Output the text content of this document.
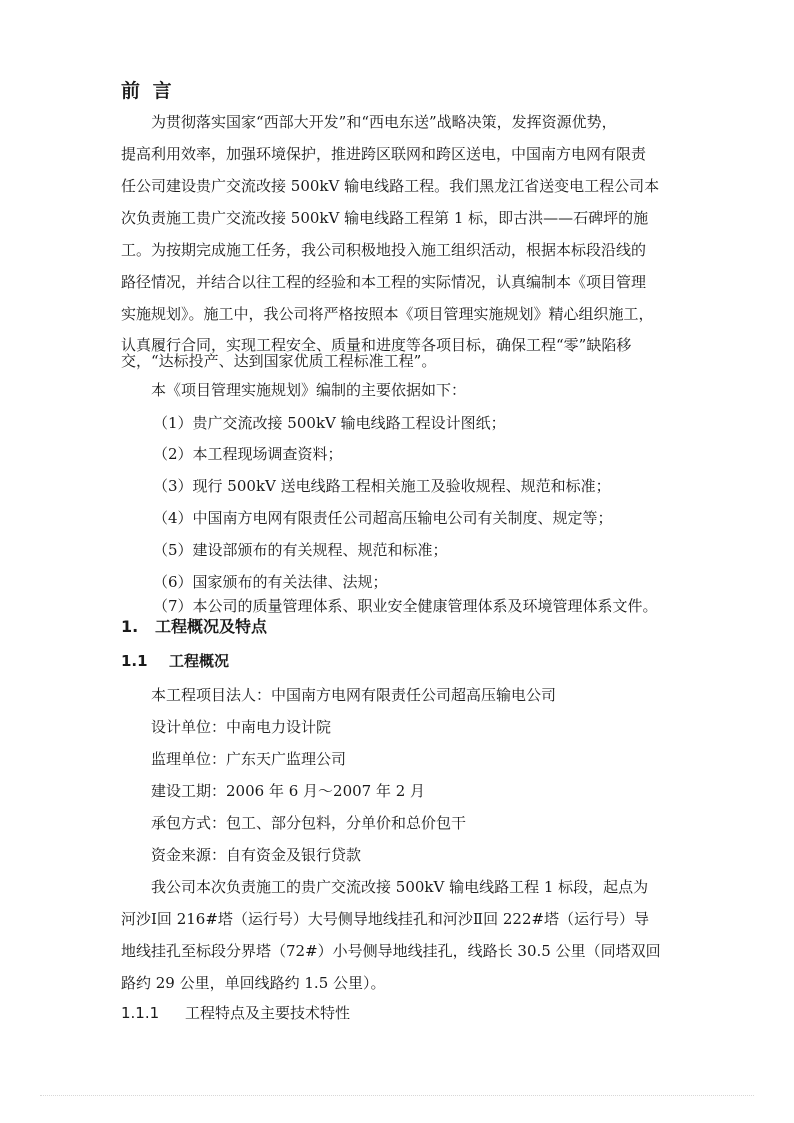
前 言

为贯彻落实国家“西部大开发”和“西电东送”战略决策，发挥资源优势，

提高利用效率，加强环境保护，推进跨区联网和跨区送电，中国南方电网有限责

任公司建设贵广交流改接 500kV 输电线路工程。我们黑龙江省送变电工程公司本

次负责施工贵广交流改接 500kV 输电线路工程第 1 标，即古洪——石碑坪的施

工。为按期完成施工任务，我公司积极地投入施工组织活动，根据本标段沿线的

路径情况，并结合以往工程的经验和本工程的实际情况，认真编制本《项目管理

实施规划》。施工中，我公司将严格按照本《项目管理实施规划》精心组织施工，

认真履行合同，实现工程安全、质量和进度等各项目标，确保工程“零”缺陷移

交，“达标投产、达到国家优质工程标准工程”。

本《项目管理实施规划》编制的主要依据如下：

（1）贵广交流改接 500kV 输电线路工程设计图纸；

（2）本工程现场调查资料；

（3）现行 500kV 送电线路工程相关施工及验收规程、规范和标准；

（4）中国南方电网有限责任公司超高压输电公司有关制度、规定等；

（5）建设部颁布的有关规程、规范和标准；

（6）国家颁布的有关法律、法规；

（7）本公司的质量管理体系、职业安全健康管理体系及环境管理体系文件。

1. 工程概况及特点
1.1 工程概况

本工程项目法人：中国南方电网有限责任公司超高压输电公司

设计单位：中南电力设计院

监理单位：广东天广监理公司

建设工期：2006 年 6 月～2007 年 2 月

承包方式：包工、部分包料，分单价和总价包干

资金来源：自有资金及银行贷款

我公司本次负责施工的贵广交流改接 500kV 输电线路工程 1 标段，起点为

河沙Ⅰ回 216#塔（运行号）大号侧导地线挂孔和河沙Ⅱ回 222#塔（运行号）导

地线挂孔至标段分界塔（72#）小号侧导地线挂孔，线路长 30.5 公里（同塔双回

路约 29 公里，单回线路约 1.5 公里）。

1.1.1 工程特点及主要技术特性
